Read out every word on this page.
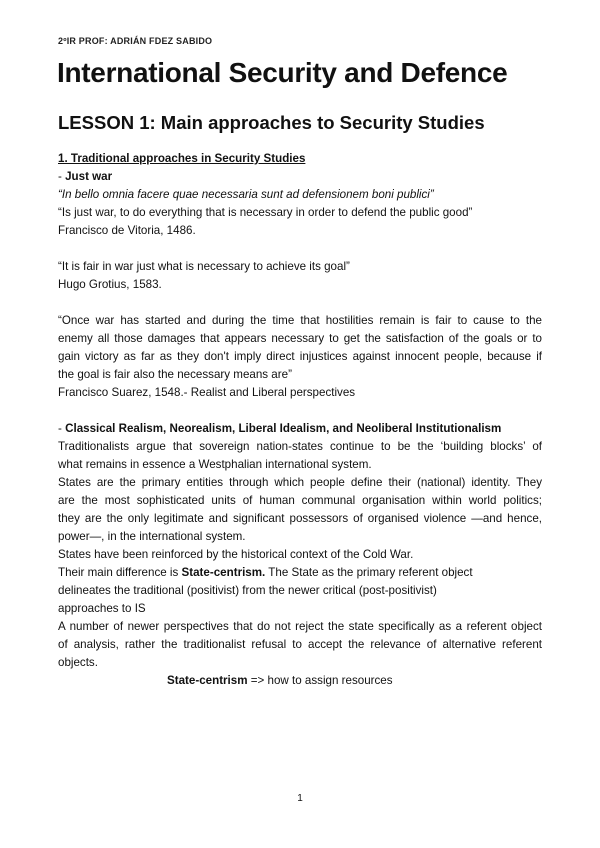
2ºIR PROF: ADRIÁN FDEZ SABIDO
International Security and Defence
LESSON 1: Main approaches to Security Studies

1. Traditional approaches in Security Studies

- Just war

“In bello omnia facere quae necessaria sunt ad defensionem boni publici”

“Is just war, to do everything that is necessary in order to defend the public good”

Francisco de Vitoria, 1486.

“It is fair in war just what is necessary to achieve its goal”

Hugo Grotius, 1583.

“Once war has started and during the time that hostilities remain is fair to cause to the

enemy all those damages that appears necessary to get the satisfaction of the goals or to

gain victory as far as they don't imply direct injustices against innocent people, because if

the goal is fair also the necessary means are”

Francisco Suarez, 1548.- Realist and Liberal perspectives

- Classical Realism, Neorealism, Liberal Idealism, and Neoliberal Institutionalism

Traditionalists argue that sovereign nation-states continue to be the ‘building blocks’ of

what remains in essence a Westphalian international system.

States are the primary entities through which people define their (national) identity. They

are the most sophisticated units of human communal organisation within world politics;

they are the only legitimate and significant possessors of organised violence —and hence,

power—, in the international system.

States have been reinforced by the historical context of the Cold War.

Their main difference is State-centrism. The State as the primary referent object

delineates the traditional (positivist) from the newer critical (post-positivist)

approaches to IS

A number of newer perspectives that do not reject the state specifically as a referent object

of analysis, rather the traditionalist refusal to accept the relevance of alternative referent

objects.

State-centrism => how to assign resources

1
